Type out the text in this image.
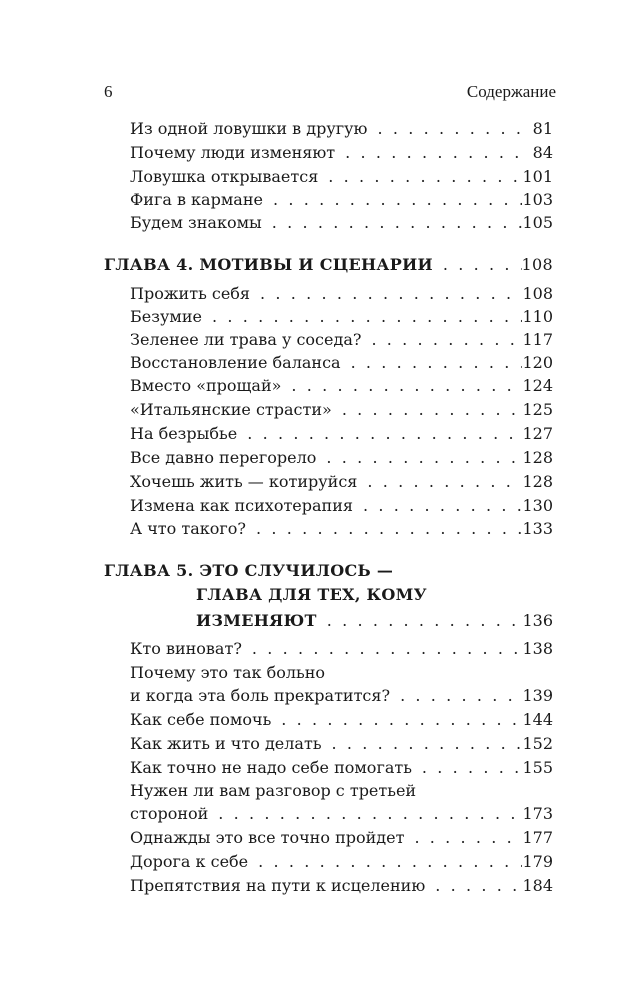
6	Содержание
Из одной ловушки в другую . . .	81
Почему люди изменяют . . .	84
Ловушка открывается . . .	101
Фига в кармане . . .	103
Будем знакомы . . .	105
ГЛАВА 4. МОТИВЫ И СЦЕНАРИИ . . .	108
Прожить себя . . .	108
Безумие . . .	110
Зеленее ли трава у соседа? . . .	117
Восстановление баланса . . .	120
Вместо «прощай» . . .	124
«Итальянские страсти» . . .	125
На безрыбье . . .	127
Все давно перегорело . . .	128
Хочешь жить — котируйся . . .	128
Измена как психотерапия . . .	130
А что такого? . . .	133
ГЛАВА 5. ЭТО СЛУЧИЛОСЬ —
ГЛАВА ДЛЯ ТЕХ, КОМУ
ИЗМЕНЯЮТ . . .	136
Кто виноват? . . .	138
Почему это так больно
и когда эта боль прекратится? . . .	139
Как себе помочь . . .	144
Как жить и что делать . . .	152
Как точно не надо себе помогать . . .	155
Нужен ли вам разговор с третьей
стороной . . .	173
Однажды это все точно пройдет . . .	177
Дорога к себе . . .	179
Препятствия на пути к исцелению . . .	184
